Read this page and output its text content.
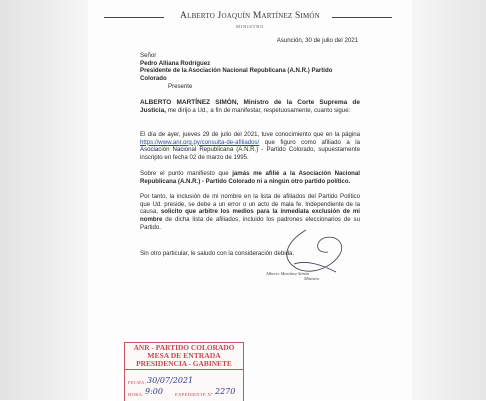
Alberto Joaquín Martínez Simón
MINISTRO
Asunción, 30 de julio del 2021
Señor
Pedro Alliana Rodríguez
Presidente de la Asociación Nacional Republicana (A.N.R.) Partido
Colorado
Presente
ALBERTO MARTÍNEZ SIMÓN, Ministro de la Corte Suprema de Justicia, me dirijo a Ud., a fin de manifestar, respetuosamente, cuanto sigue:
El día de ayer, jueves 29 de julio del 2021, tuve conocimiento que en la página https://www.anr.org.py/consulta-de-afiliados/ que figuro como afiliado a la Asociación Nacional Republicana (A.N.R.) - Partido Colorado, supuestamente inscripto en fecha 02 de marzo de 1995.
Sobre el punto manifiesto que jamás me afilié a la Asociación Nacional Republicana (A.N.R.) - Partido Colorado ni a ningún otro partido político.
Por tanto, la inclusión de mi nombre en la lista de afiliados del Partido Político que Ud. preside, se debe a un error o un acto de mala fe. Independiente de la causa, solicito que arbitre los medios para la inmediata exclusión de mi nombre de dicha lista de afiliados, incluido los padrones eleccionarios de su Partido.
Sin otro particular, le saludo con la consideración debida.
Alberto Martínez Simón
Ministro
ANR - PARTIDO COLORADO
MESA DE ENTRADA
PRESIDENCIA - GABINETE
FECHA: 30/07/2021
HORA: 9:00	EXPEDIENTE Nº 2270
